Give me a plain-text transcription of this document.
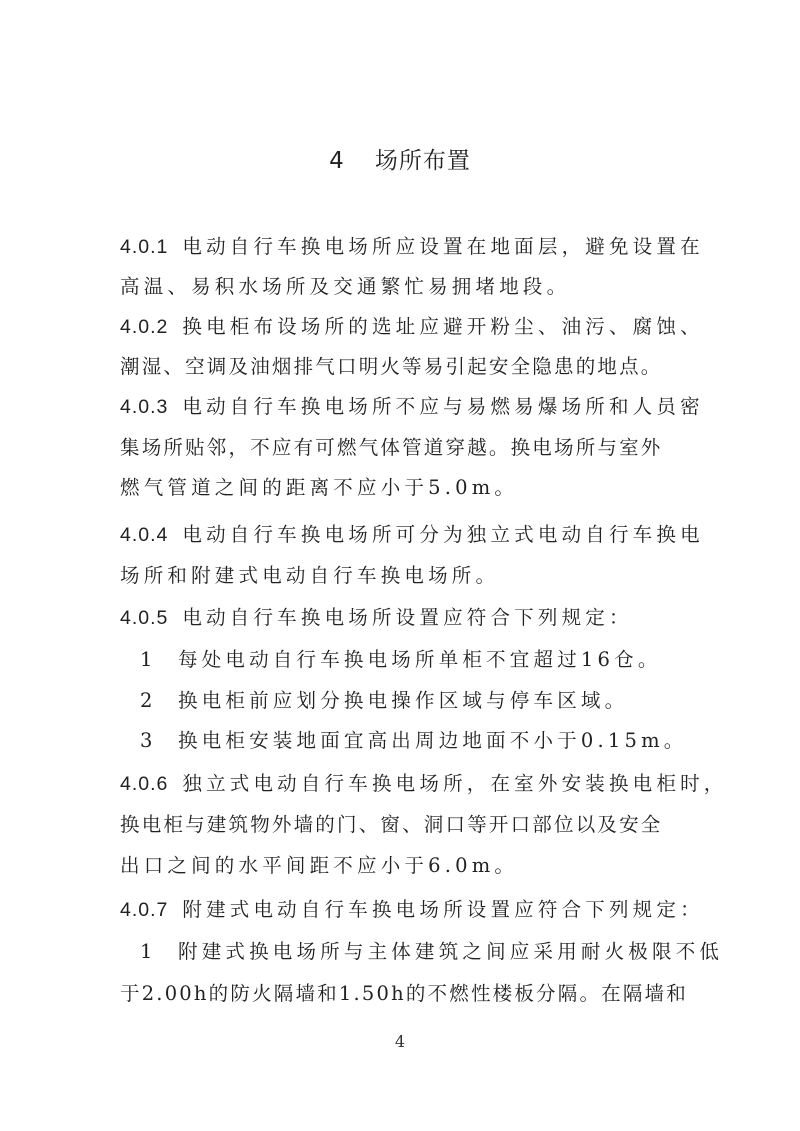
4 场所布置
4.0.1 电动自行车换电场所应设置在地面层，避免设置在
高温、易积水场所及交通繁忙易拥堵地段。
4.0.2 换电柜布设场所的选址应避开粉尘、油污、腐蚀、
潮湿、空调及油烟排气口明火等易引起安全隐患的地点。
4.0.3 电动自行车换电场所不应与易燃易爆场所和人员密
集场所贴邻，不应有可燃气体管道穿越。换电场所与室外
燃气管道之间的距离不应小于5.0m。
4.0.4 电动自行车换电场所可分为独立式电动自行车换电
场所和附建式电动自行车换电场所。
4.0.5 电动自行车换电场所设置应符合下列规定：
1 每处电动自行车换电场所单柜不宜超过16仓。
2 换电柜前应划分换电操作区域与停车区域。
3 换电柜安装地面宜高出周边地面不小于0.15m。
4.0.6 独立式电动自行车换电场所，在室外安装换电柜时，
换电柜与建筑物外墙的门、窗、洞口等开口部位以及安全
出口之间的水平间距不应小于6.0m。
4.0.7 附建式电动自行车换电场所设置应符合下列规定：
1 附建式换电场所与主体建筑之间应采用耐火极限不低
于2.00h的防火隔墙和1.50h的不燃性楼板分隔。在隔墙和
4
